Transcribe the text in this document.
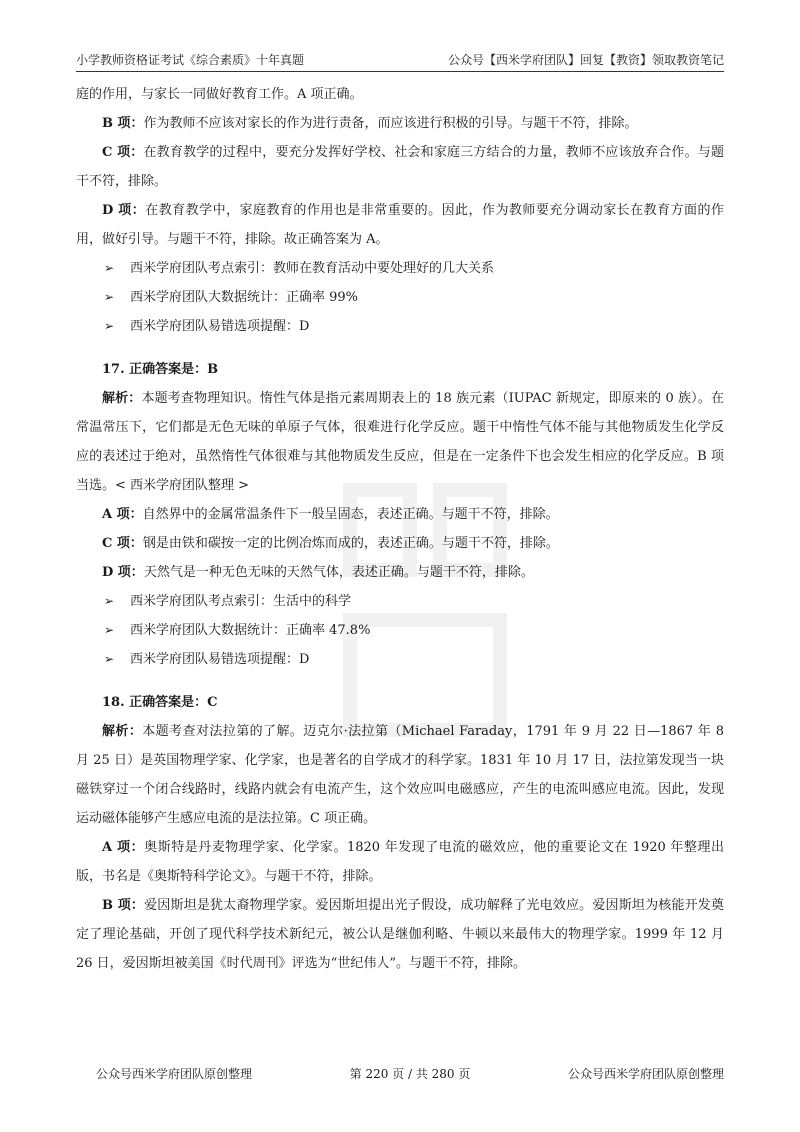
小学教师资格证考试《综合素质》十年真题	公众号【西米学府团队】回复【教资】领取教资笔记

庭的作用，与家长一同做好教育工作。A 项正确。

B 项：作为教师不应该对家长的作为进行责备，而应该进行积极的引导。与题干不符，排除。

C 项：在教育教学的过程中，要充分发挥好学校、社会和家庭三方结合的力量，教师不应该放弃合作。与题干不符，排除。

D 项：在教育教学中，家庭教育的作用也是非常重要的。因此，作为教师要充分调动家长在教育方面的作用，做好引导。与题干不符，排除。故正确答案为 A。

➢	西米学府团队考点索引：教师在教育活动中要处理好的几大关系
➢	西米学府团队大数据统计：正确率 99%
➢	西米学府团队易错选项提醒：D

17. 正确答案是：B

解析：本题考查物理知识。惰性气体是指元素周期表上的 18 族元素（IUPAC 新规定，即原来的 0 族）。在常温常压下，它们都是无色无味的单原子气体，很难进行化学反应。题干中惰性气体不能与其他物质发生化学反应的表述过于绝对，虽然惰性气体很难与其他物质发生反应，但是在一定条件下也会发生相应的化学反应。B 项当选。< 西米学府团队整理 >

A 项：自然界中的金属常温条件下一般呈固态，表述正确。与题干不符，排除。

C 项：钢是由铁和碳按一定的比例冶炼而成的，表述正确。与题干不符，排除。

D 项：天然气是一种无色无味的天然气体，表述正确。与题干不符，排除。

➢	西米学府团队考点索引：生活中的科学
➢	西米学府团队大数据统计：正确率 47.8%
➢	西米学府团队易错选项提醒：D

18. 正确答案是：C

解析：本题考查对法拉第的了解。迈克尔·法拉第（Michael Faraday，1791 年 9 月 22 日—1867 年 8 月 25 日）是英国物理学家、化学家，也是著名的自学成才的科学家。1831 年 10 月 17 日，法拉第发现当一块磁铁穿过一个闭合线路时，线路内就会有电流产生，这个效应叫电磁感应，产生的电流叫感应电流。因此，发现运动磁体能够产生感应电流的是法拉第。C 项正确。

A 项：奥斯特是丹麦物理学家、化学家。1820 年发现了电流的磁效应，他的重要论文在 1920 年整理出版，书名是《奥斯特科学论文》。与题干不符，排除。

B 项：爱因斯坦是犹太裔物理学家。爱因斯坦提出光子假设，成功解释了光电效应。爱因斯坦为核能开发奠定了理论基础，开创了现代科学技术新纪元，被公认是继伽利略、牛顿以来最伟大的物理学家。1999 年 12 月 26 日，爱因斯坦被美国《时代周刊》评选为“世纪伟人”。与题干不符，排除。

公众号西米学府团队原创整理	第 220 页 / 共 280 页	公众号西米学府团队原创整理
